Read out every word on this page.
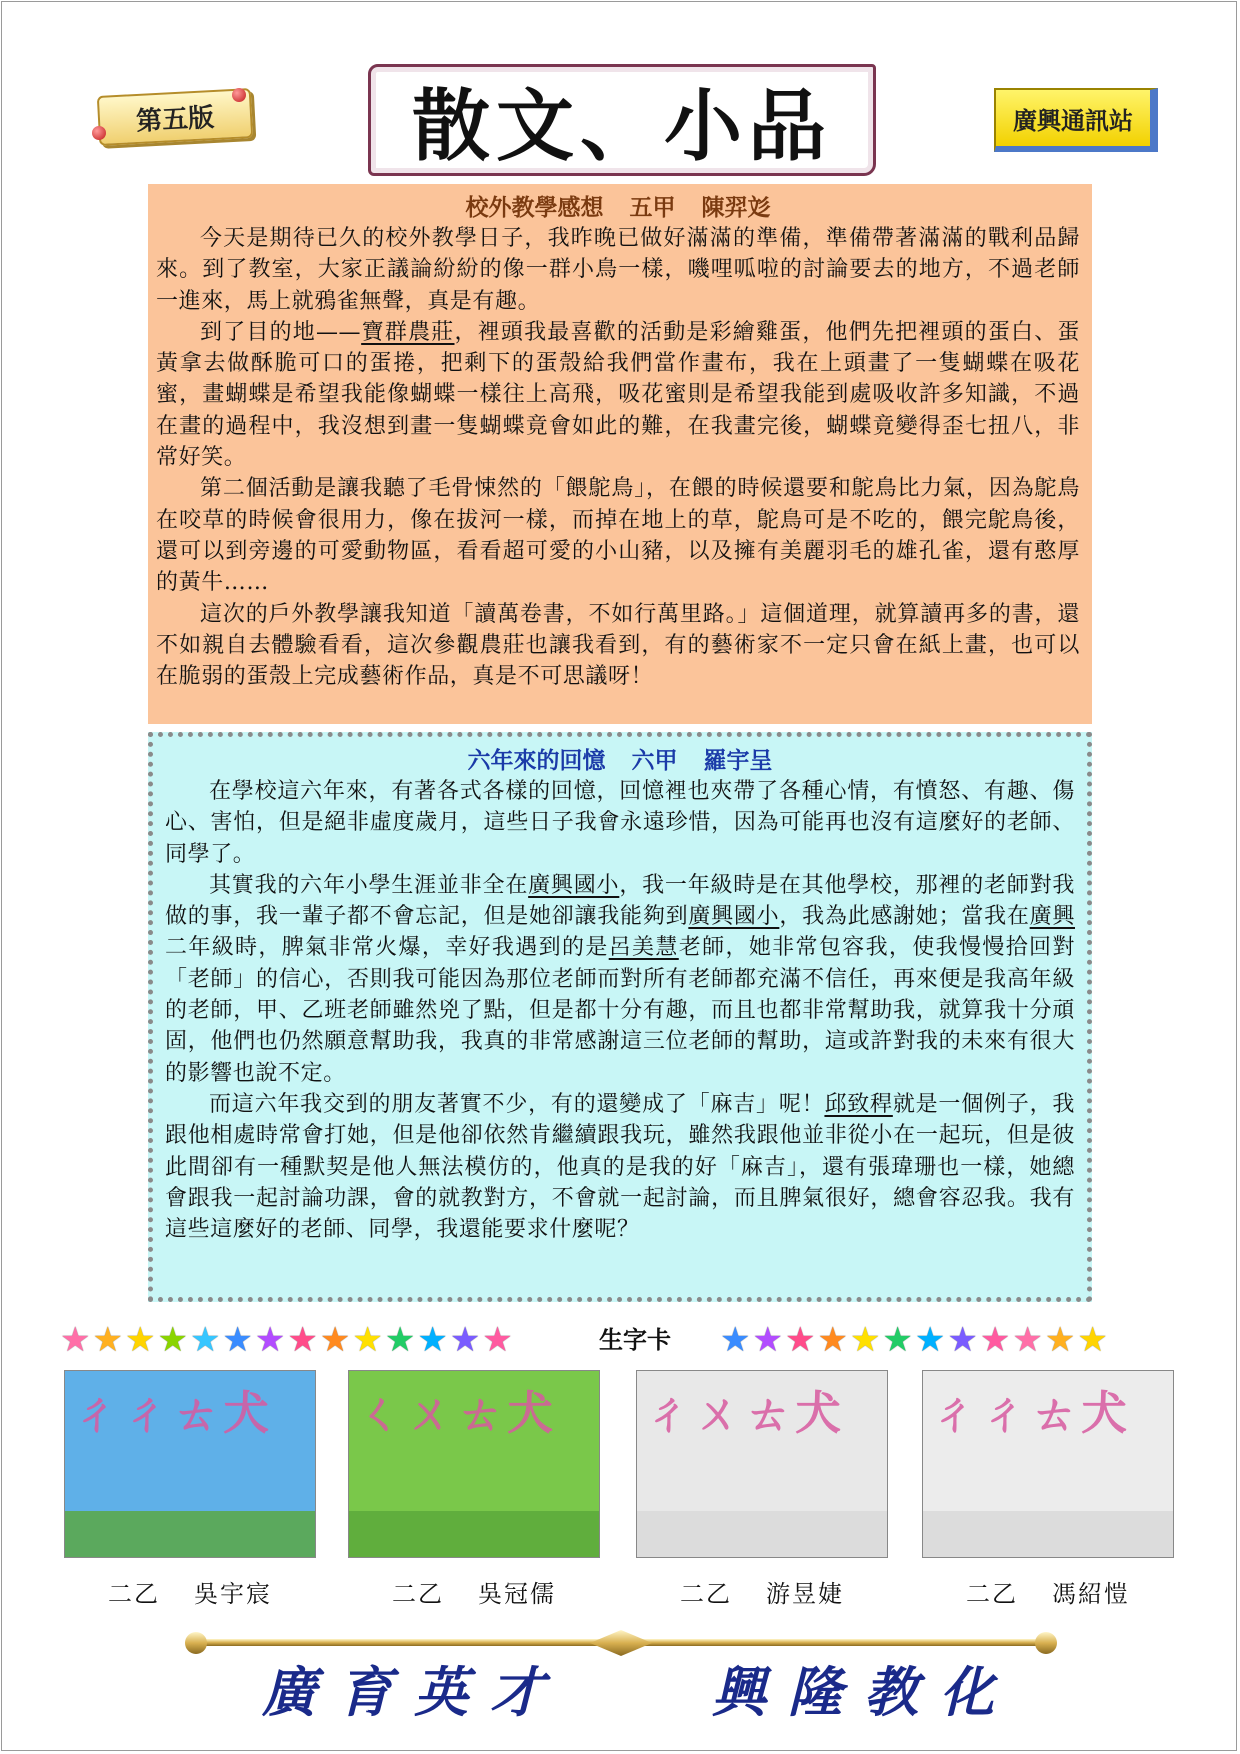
第五版	散文、小品	廣興通訊站
校外教學感想 五甲 陳羿彣

今天是期待已久的校外教學日子，我昨晚已做好滿滿的準備，準備帶著滿滿的戰利品歸來。到了教室，大家正議論紛紛的像一群小鳥一樣，嘰哩呱啦的討論要去的地方，不過老師一進來，馬上就鴉雀無聲，真是有趣。

到了目的地——寶群農莊，裡頭我最喜歡的活動是彩繪雞蛋，他們先把裡頭的蛋白、蛋黃拿去做酥脆可口的蛋捲，把剩下的蛋殼給我們當作畫布，我在上頭畫了一隻蝴蝶在吸花蜜，畫蝴蝶是希望我能像蝴蝶一樣往上高飛，吸花蜜則是希望我能到處吸收許多知識，不過在畫的過程中，我沒想到畫一隻蝴蝶竟會如此的難，在我畫完後，蝴蝶竟變得歪七扭八，非常好笑。

第二個活動是讓我聽了毛骨悚然的「餵鴕鳥」，在餵的時候還要和鴕鳥比力氣，因為鴕鳥在咬草的時候會很用力，像在拔河一樣，而掉在地上的草，鴕鳥可是不吃的，餵完鴕鳥後，還可以到旁邊的可愛動物區，看看超可愛的小山豬，以及擁有美麗羽毛的雄孔雀，還有憨厚的黃牛……

這次的戶外教學讓我知道「讀萬卷書，不如行萬里路。」這個道理，就算讀再多的書，還不如親自去體驗看看，這次參觀農莊也讓我看到，有的藝術家不一定只會在紙上畫，也可以在脆弱的蛋殼上完成藝術作品，真是不可思議呀！

六年來的回憶 六甲 羅宇呈

在學校這六年來，有著各式各樣的回憶，回憶裡也夾帶了各種心情，有憤怒、有趣、傷心、害怕，但是絕非虛度歲月，這些日子我會永遠珍惜，因為可能再也沒有這麼好的老師、同學了。

其實我的六年小學生涯並非全在廣興國小，我一年級時是在其他學校，那裡的老師對我做的事，我一輩子都不會忘記，但是她卻讓我能夠到廣興國小，我為此感謝她；當我在廣興二年級時，脾氣非常火爆，幸好我遇到的是呂美慧老師，她非常包容我，使我慢慢拾回對「老師」的信心，否則我可能因為那位老師而對所有老師都充滿不信任，再來便是我高年級的老師，甲、乙班老師雖然兇了點，但是都十分有趣，而且也都非常幫助我，就算我十分頑固，他們也仍然願意幫助我，我真的非常感謝這三位老師的幫助，這或許對我的未來有很大的影響也說不定。

而這六年我交到的朋友著實不少，有的還變成了「麻吉」呢！邱致稈就是一個例子，我跟他相處時常會打她，但是他卻依然肯繼續跟我玩，雖然我跟他並非從小在一起玩，但是彼此間卻有一種默契是他人無法模仿的，他真的是我的好「麻吉」，還有張瑋珊也一樣，她總會跟我一起討論功課，會的就教對方，不會就一起討論，而且脾氣很好，總會容忍我。我有這些這麼好的老師、同學，我還能要求什麼呢？

★ ★ ★ ★ ★ ★ ★ ★ ★ ★ ★ ★ ★ ★	生字卡	★ ★ ★ ★ ★ ★ ★ ★ ★ ★ ★ ★
ㄔㄔㄊ犬
二乙 吳宇宸
ㄑㄨㄊ犬
二乙 吳冠儒
ㄔㄨㄊ犬
二乙 游昱婕
ㄔㄔㄊ犬
二乙 馮紹愷
廣育英才	興隆教化
